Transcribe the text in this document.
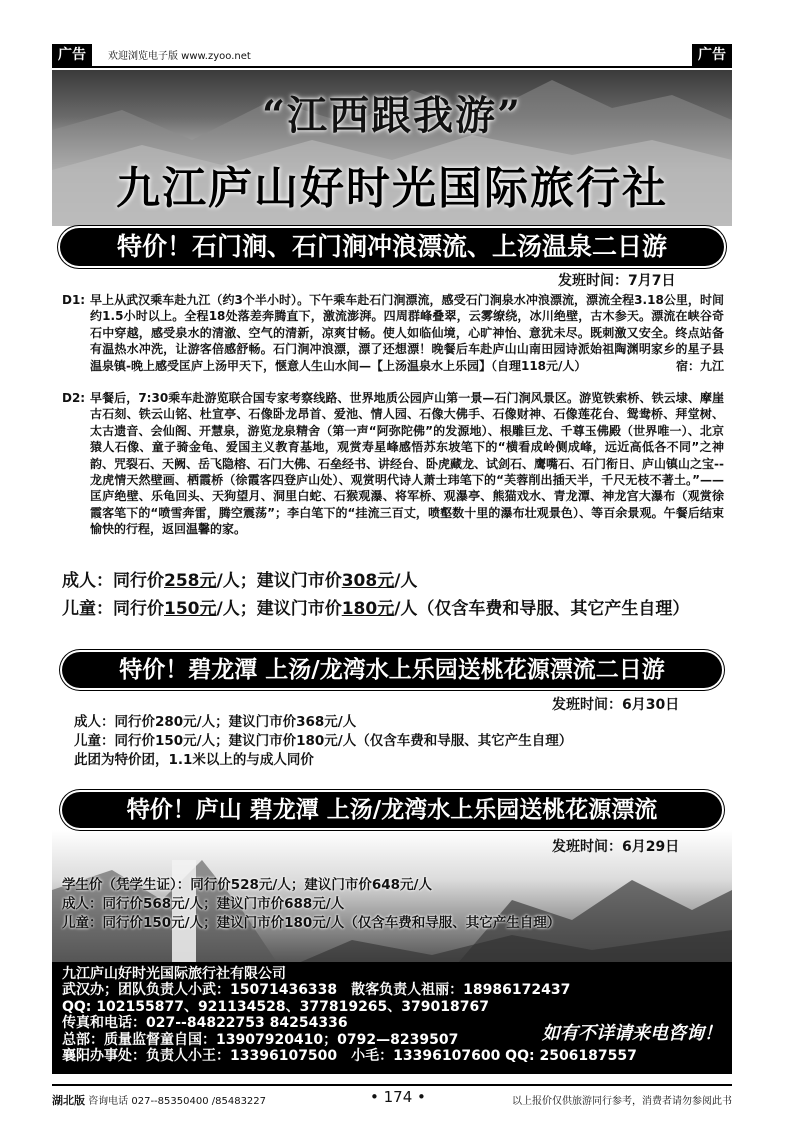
广告	欢迎浏览电子版 www.zyoo.net	广告
“江西跟我游”
九江庐山好时光国际旅行社
特价！石门涧、石门涧冲浪漂流、上汤温泉二日游
发班时间：7月7日
D1: 早上从武汉乘车赴九江（约3个半小时）。下午乘车赴石门涧漂流，感受石门涧泉水冲浪漂流，漂流全程3.18公里，时间约1.5小时以上。全程18处落差奔腾直下，激流澎湃。四周群峰叠翠，云雾缭绕，冰川绝壁，古木参天。漂流在峡谷奇石中穿越，感受泉水的清澈、空气的清新，凉爽甘畅。使人如临仙境，心旷神怡、意犹未尽。既刺激又安全。终点站备有温热水冲洗，让游客倍感舒畅。石门涧冲浪漂，漂了还想漂！晚餐后车赴庐山山南田园诗派始祖陶渊明家乡的星子县温泉镇-晚上感受匡庐上汤甲天下，惬意人生山水间—【上汤温泉水上乐园】（自理118元/人）	宿：九江
D2: 早餐后，7:30乘车赴游览联合国专家考察线路、世界地质公园庐山第一景—石门涧风景区。游览铁索桥、铁云埭、摩崖古石刻、铁云山铭、杜宣亭、石像卧龙昂首、爱池、情人园、石像大佛手、石像财神、石像莲花台、鸳鸯桥、拜堂树、太古遗音、会仙阁、开慧泉，游览龙泉精舍（第一声“阿弥陀佛”的发源地）、根雕巨龙、千尊玉佛殿（世界唯一）、北京猿人石像、童子骑金龟、爱国主义教育基地，观赏寿星峰感悟苏东坡笔下的“横看成岭侧成峰，远近高低各不同”之神韵、咒裂石、天阙、岳飞隐榕、石门大佛、石垒经书、讲经台、卧虎藏龙、试剑石、鹰嘴石、石门衔日、庐山镇山之宝--龙虎情天然壁画、栖霞桥（徐霞客四登庐山处）、观赏明代诗人萧士玮笔下的“芙蓉削出插天半，千尺无枝不著土。”——匡庐绝壁、乐龟回头、天狗望月、洞里白蛇、石猴观瀑、将军桥、观瀑亭、熊猫戏水、青龙潭、神龙宫大瀑布（观赏徐霞客笔下的“喷雪奔雷，腾空震荡”；李白笔下的“挂流三百丈，喷壑数十里的瀑布壮观景色）、等百余景观。午餐后结束愉快的行程，返回温馨的家。
成人：同行价258元/人；建议门市价308元/人
儿童：同行价150元/人；建议门市价180元/人（仅含车费和导服、其它产生自理）
特价！碧龙潭 上汤/龙湾水上乐园送桃花源漂流二日游
发班时间：6月30日
成人：同行价280元/人；建议门市价368元/人
儿童：同行价150元/人；建议门市价180元/人（仅含车费和导服、其它产生自理）
此团为特价团，1.1米以上的与成人同价
特价！庐山 碧龙潭 上汤/龙湾水上乐园送桃花源漂流
发班时间：6月29日
学生价（凭学生证）：同行价528元/人；建议门市价648元/人
成人：同行价568元/人；建议门市价688元/人
儿童：同行价150元/人；建议门市价180元/人（仅含车费和导服、其它产生自理）
九江庐山好时光国际旅行社有限公司
武汉办；团队负责人小武：15071436338　散客负责人祖丽：18986172437
QQ: 102155877、921134528、377819265、379018767
传真和电话：027--84822753 84254336
总部：质量监督童自国：13907920410；0792—8239507
襄阳办事处：负责人小王：13396107500　小毛：13396107600 QQ: 2506187557
如有不详请来电咨询！
湖北版 咨询电话 027--85350400 /85483227	• 174 •	以上报价仅供旅游同行参考，消费者请勿参阅此书
